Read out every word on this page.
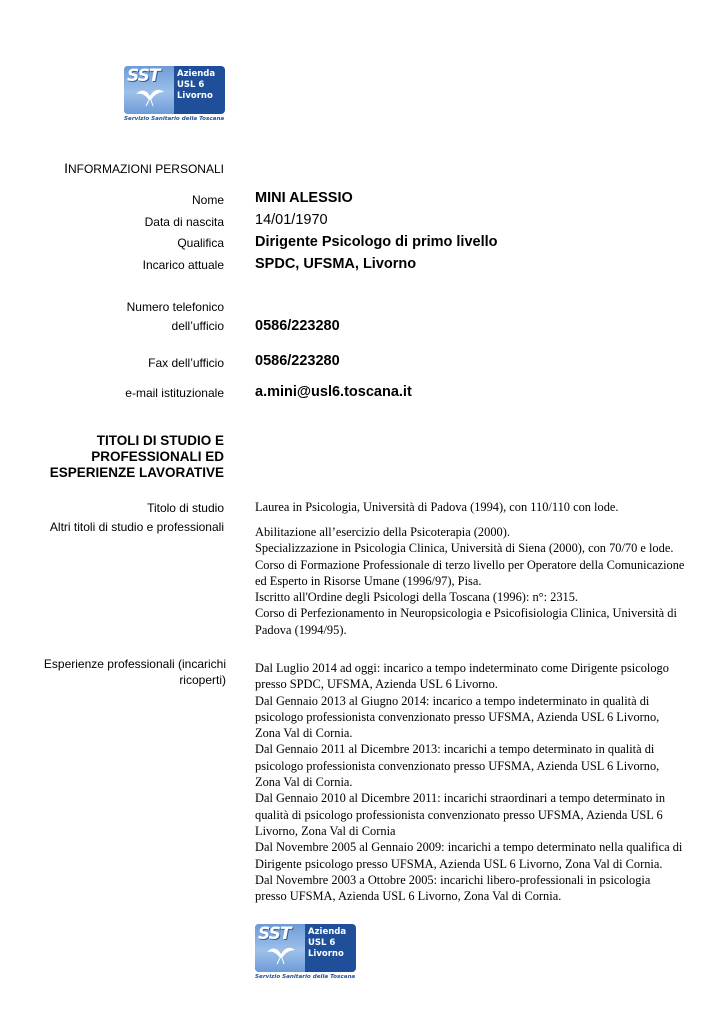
SST Azienda
USL 6
Livorno
Servizio Sanitario della Toscana
INFORMAZIONI PERSONALI
Nome MINI ALESSIO
Data di nascita 14/01/1970
Qualifica Dirigente Psicologo di primo livello
Incarico attuale SPDC, UFSMA, Livorno
Numero telefonico
dell’ufficio 0586/223280
Fax dell’ufficio 0586/223280
e-mail istituzionale a.mini@usl6.toscana.it
TITOLI DI STUDIO E
PROFESSIONALI ED
ESPERIENZE LAVORATIVE
Titolo di studio	Laurea in Psicologia, Università di Padova (1994), con 110/110 con lode.
Altri titoli di studio e professionali	Abilitazione all’esercizio della Psicoterapia (2000).

Specializzazione in Psicologia Clinica, Università di Siena (2000), con 70/70 e lode.

Corso di Formazione Professionale di terzo livello per Operatore della Comunicazione ed Esperto in Risorse Umane (1996/97), Pisa.

Iscritto all'Ordine degli Psicologi della Toscana (1996): n°: 2315.

Corso di Perfezionamento in Neuropsicologia e Psicofisiologia Clinica, Università di Padova (1994/95).

Esperienze professionali (incarichi
ricoperti)

Dal Luglio 2014 ad oggi: incarico a tempo indeterminato come Dirigente psicologo presso SPDC, UFSMA, Azienda USL 6 Livorno.

Dal Gennaio 2013 al Giugno 2014: incarico a tempo indeterminato in qualità di psicologo professionista convenzionato presso UFSMA, Azienda USL 6 Livorno, Zona Val di Cornia.

Dal Gennaio 2011 al Dicembre 2013: incarichi a tempo determinato in qualità di psicologo professionista convenzionato presso UFSMA, Azienda USL 6 Livorno, Zona Val di Cornia.

Dal Gennaio 2010 al Dicembre 2011: incarichi straordinari a tempo determinato in qualità di psicologo professionista convenzionato presso UFSMA, Azienda USL 6 Livorno, Zona Val di Cornia

Dal Novembre 2005 al Gennaio 2009: incarichi a tempo determinato nella qualifica di Dirigente psicologo presso UFSMA, Azienda USL 6 Livorno, Zona Val di Cornia.

Dal Novembre 2003 a Ottobre 2005: incarichi libero-professionali in psicologia presso UFSMA, Azienda USL 6 Livorno, Zona Val di Cornia.

SST Azienda
USL 6
Livorno
Servizio Sanitario della Toscana
